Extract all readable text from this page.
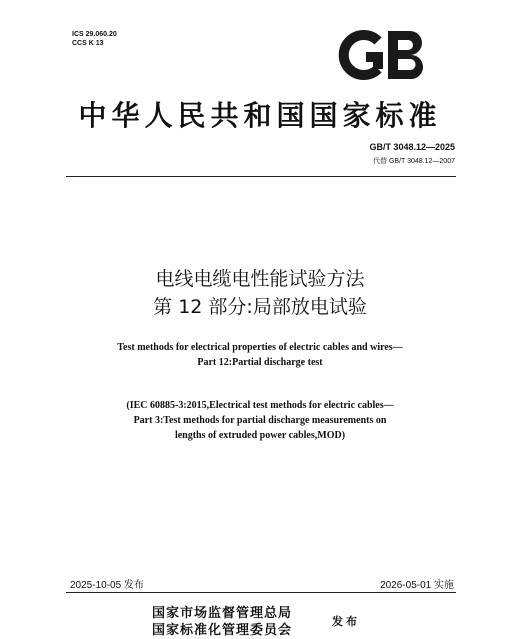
ICS 29.060.20
CCS K 13
中华人民共和国国家标准
GB/T 3048.12—2025
代替 GB/T 3048.12—2007
电线电缆电性能试验方法
第 12 部分:局部放电试验
Test methods for electrical properties of electric cables and wires—
Part 12:Partial discharge test
(IEC 60885-3:2015,Electrical test methods for electric cables—
Part 3:Test methods for partial discharge measurements on
lengths of extruded power cables,MOD)
2025-10-05 发布	2026-05-01 实施
国家市场监督管理总局
国家标准化管理委员会
发布
